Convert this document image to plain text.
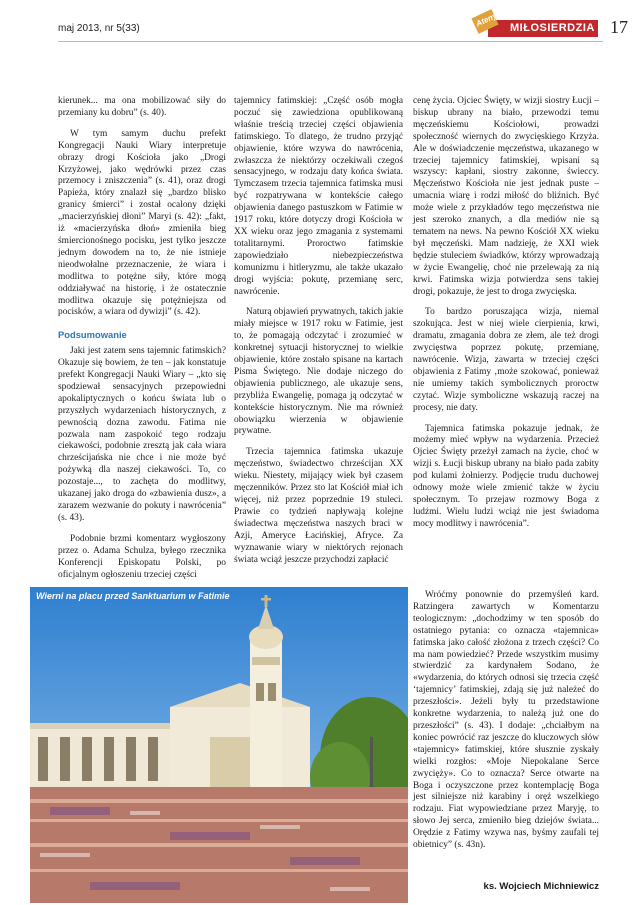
maj 2013, nr 5(33)	MIŁOSIERDZIA
Ateny	17

kierunek... ma ona mobilizować siły do przemiany ku dobru” (s. 40).

W tym samym duchu prefekt Kongregacji Nauki Wiary interpretuje obrazy drogi Kościoła jako „Drogi Krzyżowej, jako wędrówki przez czas przemocy i zniszczenia” (s. 41), oraz drogi Papieża, który znalazł się „bardzo blisko granicy śmierci” i został ocalony dzięki „macierzyńskiej dłoni” Maryi (s. 42): „fakt, iż «macierzyńska dłoń» zmieniła bieg śmiercionośnego pocisku, jest tylko jeszcze jednym dowodem na to, że nie istnieje nieodwołalne przeznaczenie, że wiara i modlitwa to potężne siły, które mogą oddziaływać na historię, i że ostatecznie modlitwa okazuje się potężniejsza od pocisków, a wiara od dywizji” (s. 42).

Podsumowanie

Jaki jest zatem sens tajemnic fatimskich? Okazuje się bowiem, że ten – jak konstatuje prefekt Kongregacji Nauki Wiary – „kto się spodziewał sensacyjnych przepowiedni apokaliptycznych o końcu świata lub o przyszłych wydarzeniach historycznych, z pewnością dozna zawodu. Fatima nie pozwala nam zaspokoić tego rodzaju ciekawości, podobnie zresztą jak cała wiara chrześcijańska nie chce i nie może być pożywką dla naszej ciekawości. To, co pozostaje..., to zachęta do modlitwy, ukazanej jako droga do «zbawienia dusz», a zarazem wezwanie do pokuty i nawrócenia” (s. 43).

Podobnie brzmi komentarz wygłoszony przez o. Adama Schulza, byłego rzecznika Konferencji Episkopatu Polski, po oficjalnym ogłoszeniu trzeciej części

tajemnicy fatimskiej: „Część osób mogła poczuć się zawiedziona opublikowaną właśnie treścią trzeciej części objawienia fatimskiego. To dlatego, że trudno przyjąć objawienie, które wzywa do nawrócenia, zwłaszcza że niektórzy oczekiwali czegoś sensacyjnego, w rodzaju daty końca świata. Tymczasem trzecia tajemnica fatimska musi być rozpatrywana w kontekście całego objawienia danego pastuszkom w Fatimie w 1917 roku, które dotyczy drogi Kościoła w XX wieku oraz jego zmagania z systemami totalitarnymi. Proroctwo fatimskie zapowiedziało niebezpieczeństwa komunizmu i hitleryzmu, ale także ukazało drogi wyjścia: pokutę, przemianę serc, nawrócenie.

Naturą objawień prywatnych, takich jakie miały miejsce w 1917 roku w Fatimie, jest to, że pomagają odczytać i zrozumieć w konkretnej sytuacji historycznej to wielkie objawienie, które zostało spisane na kartach Pisma Świętego. Nie dodaje niczego do objawienia publicznego, ale ukazuje sens, przybliża Ewangelię, pomaga ją odczytać w kontekście historycznym. Nie ma również obowiązku wierzenia w objawienie prywatne.

Trzecia tajemnica fatimska ukazuje męczeństwo, świadectwo chrześcijan XX wieku. Niestety, mijający wiek był czasem męczenników. Przez sto lat Kościół miał ich więcej, niż przez poprzednie 19 stuleci. Prawie co tydzień napływają kolejne świadectwa męczeństwa naszych braci w Azji, Ameryce Łacińskiej, Afryce. Za wyznawanie wiary w niektórych rejonach świata wciąż jeszcze przychodzi zapłacić

cenę życia. Ojciec Święty, w wizji siostry Łucji – biskup ubrany na biało, przewodzi temu męczeńskiemu Kościołowi, prowadzi społeczność wiernych do zwycięskiego Krzyża. Ale w doświadczenie męczeństwa, ukazanego w trzeciej tajemnicy fatimskiej, wpisani są wszyscy: kapłani, siostry zakonne, świeccy. Męczeństwo Kościoła nie jest jednak puste – umacnia wiarę i rodzi miłość do bliźnich. Być może wiele z przykładów tego męczeństwa nie jest szeroko znanych, a dla mediów nie są tematem na news. Na pewno Kościół XX wieku był męczeński. Mam nadzieję, że XXI wiek będzie stuleciem świadków, którzy wprowadzają w życie Ewangelię, choć nie przelewają za nią krwi. Fatimska wizja potwierdza sens takiej drogi, pokazuje, że jest to droga zwycięska.

To bardzo poruszająca wizja, niemal szokująca. Jest w niej wiele cierpienia, krwi, dramatu, zmagania dobra ze złem, ale też drogi zwycięstwa poprzez pokutę, przemianę, nawrócenie. Wizja, zawarta w trzeciej części objawienia z Fatimy ‚może szokować, ponieważ nie umiemy takich symbolicznych proroctw czytać. Wizje symboliczne wskazują raczej na procesy, nie daty.

Tajemnica fatimska pokazuje jednak, że możemy mieć wpływ na wydarzenia. Przecież Ojciec Święty przeżył zamach na życie, choć w wizji s. Łucji biskup ubrany na biało pada zabity pod kulami żołnierzy. Podjęcie trudu duchowej odnowy może wiele zmienić także w życiu społecznym. To przejaw rozmowy Boga z ludźmi. Wielu ludzi wciąż nie jest świadoma mocy modlitwy i nawrócenia”.

Wróćmy ponownie do przemyśleń kard. Ratzingera zawartych w Komentarzu teologicznym: „dochodzimy w ten sposób do ostatniego pytania: co oznacza «tajemnica» fatimska jako całość złożona z trzech części? Co ma nam powiedzieć? Przede wszystkim musimy stwierdzić za kardynałem Sodano, że «wydarzenia, do których odnosi się trzecia część ‘tajemnicy’ fatimskiej, zdają się już należeć do przeszłości». Jeżeli były tu przedstawione konkretne wydarzenia, to należą już one do przeszłości” (s. 43). I dodaje: „chciałbym na koniec powrócić raz jeszcze do kluczowych słów «tajemnicy» fatimskiej, które słusznie zyskały wielki rozgłos: «Moje Niepokalane Serce zwycięży». Co to oznacza? Serce otwarte na Boga i oczyszczone przez kontemplację Boga jest silniejsze niż karabiny i oręż wszelkiego rodzaju. Fiat wypowiedziane przez Maryję, to słowo Jej serca, zmieniło bieg dziejów świata... Orędzie z Fatimy wzywa nas, byśmy zaufali tej obietnicy” (s. 43n).

ks. Wojciech Michniewicz
Wierni na placu przed Sanktuarium w Fatimie
